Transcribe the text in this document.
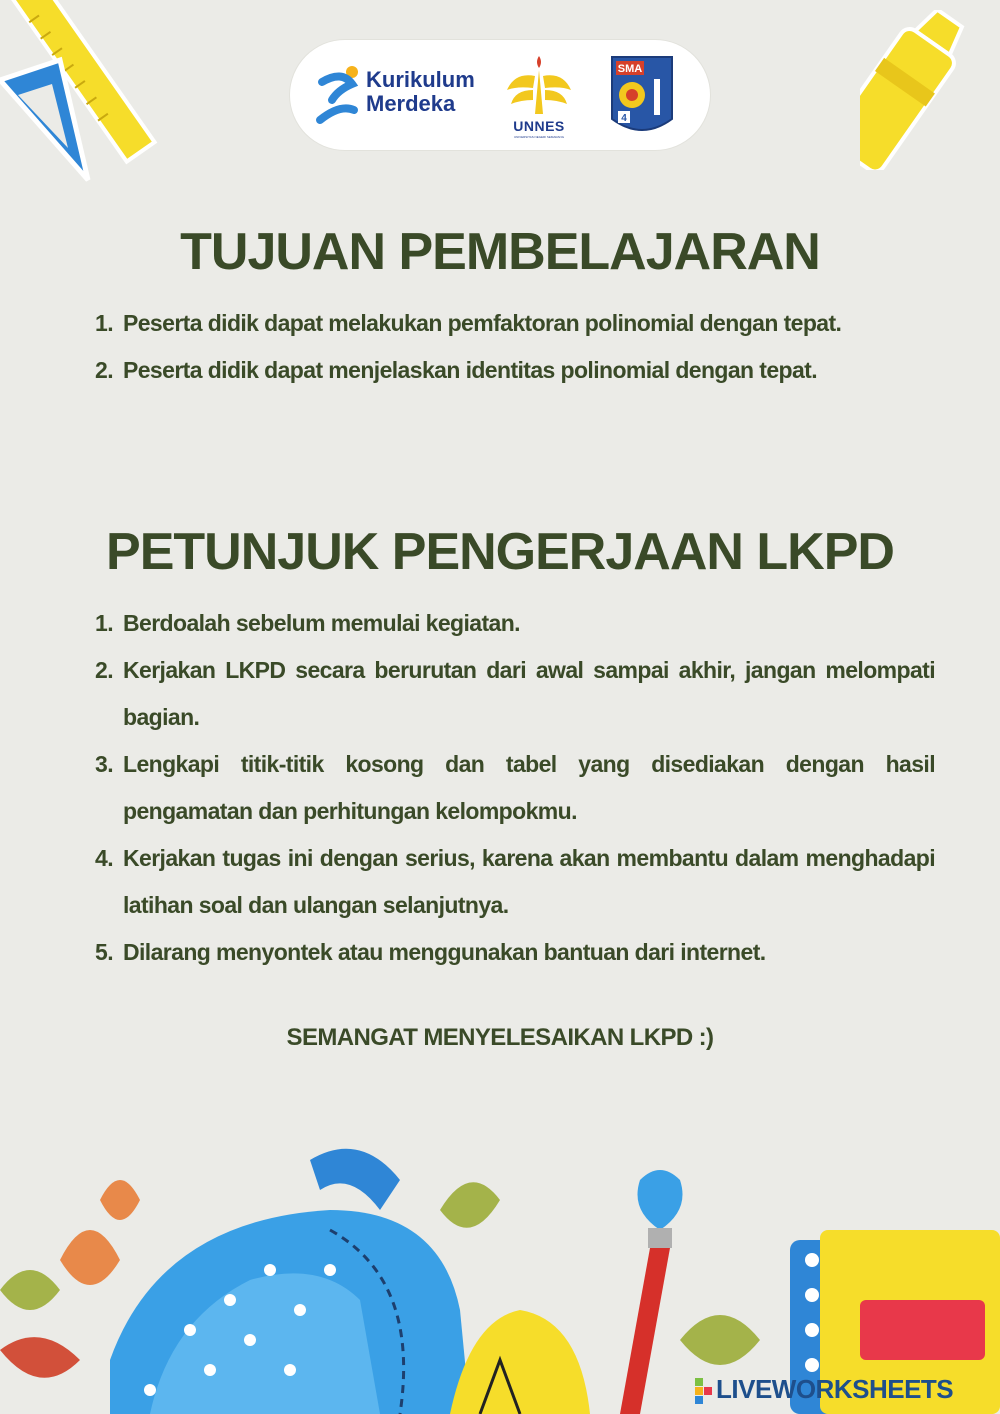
Kurikulum
Merdeka
UNNES
UNIVERSITAS NEGERI SEMARANG
SMA
4
TUJUAN PEMBELAJARAN
1. Peserta didik dapat melakukan pemfaktoran polinomial dengan tepat.
2. Peserta didik dapat menjelaskan identitas polinomial dengan tepat.
PETUNJUK PENGERJAAN LKPD
1. Berdoalah sebelum memulai kegiatan.
2. Kerjakan LKPD secara berurutan dari awal sampai akhir, jangan melompati bagian.
3. Lengkapi titik-titik kosong dan tabel yang disediakan dengan hasil pengamatan dan perhitungan kelompokmu.
4. Kerjakan tugas ini dengan serius, karena akan membantu dalam menghadapi latihan soal dan ulangan selanjutnya.
5. Dilarang menyontek atau menggunakan bantuan dari internet.
SEMANGAT MENYELESAIKAN LKPD :)
LIVEWORKSHEETS
